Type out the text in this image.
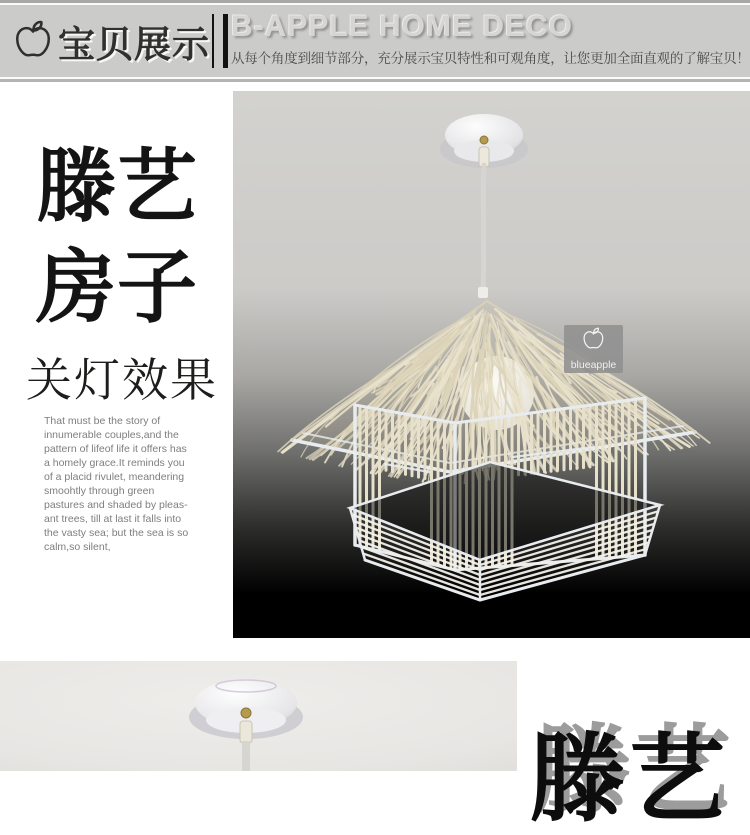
宝贝展示 B-APPLE HOME DECO
从每个角度到细节部分，充分展示宝贝特性和可观角度，让您更加全面直观的了解宝贝！
滕艺
房子
关灯效果
That must be the story of
innumerable couples,and the
pattern of lifeof life it offers has
a homely grace.It reminds you
of a placid rivulet, meandering
smoohtly through green
pastures and shaded by pleas-
ant trees, till at last it falls into
the vasty sea; but the sea is so
calm,so silent,
blueapple
滕艺
